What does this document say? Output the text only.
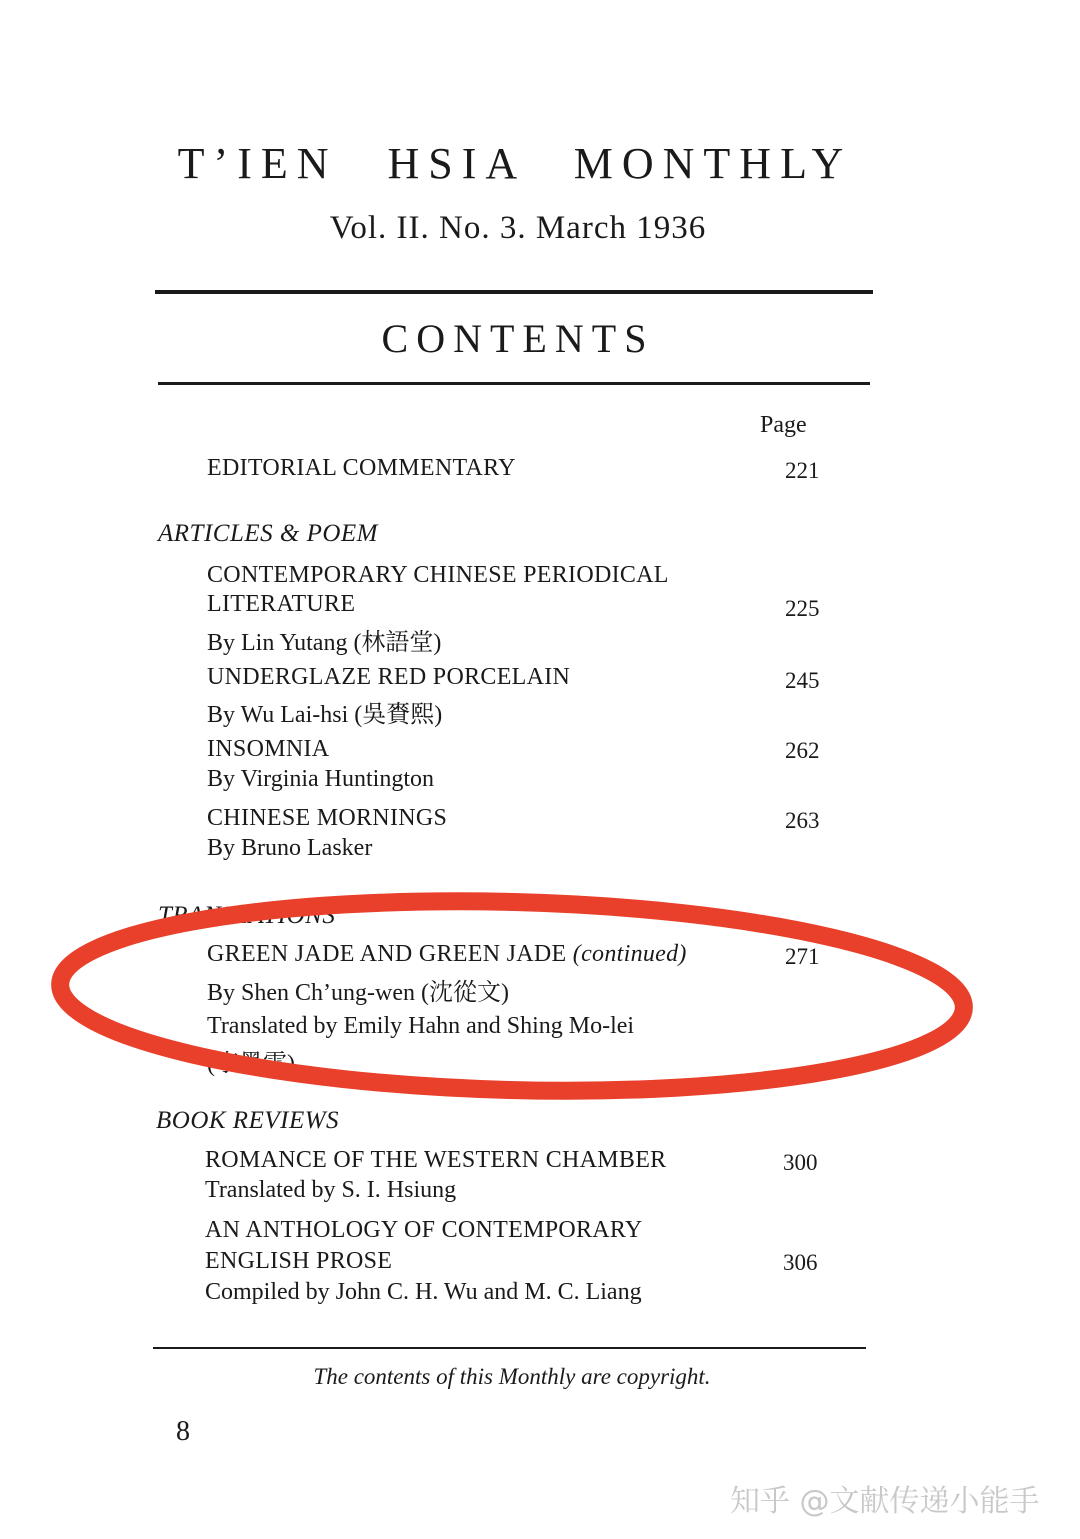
T’IEN HSIA MONTHLY
Vol. II. No. 3. March 1936
CONTENTS
Page
EDITORIAL COMMENTARY	221
ARTICLES & POEM
CONTEMPORARY CHINESE PERIODICAL
LITERATURE	225
By Lin Yutang (林語堂)
UNDERGLAZE RED PORCELAIN	245
By Wu Lai-hsi (吳賚熙)
INSOMNIA	262
By Virginia Huntington
CHINESE MORNINGS	263
By Bruno Lasker
TRANSLATIONS
GREEN JADE AND GREEN JADE (continued)	271
By Shen Ch’ung-wen (沈從文)
Translated by Emily Hahn and Shing Mo-lei
(李墨雷)
BOOK REVIEWS
ROMANCE OF THE WESTERN CHAMBER	300
Translated by S. I. Hsiung
AN ANTHOLOGY OF CONTEMPORARY
ENGLISH PROSE	306
Compiled by John C. H. Wu and M. C. Liang
The contents of this Monthly are copyright.
8
知乎 @文献传递小能手
